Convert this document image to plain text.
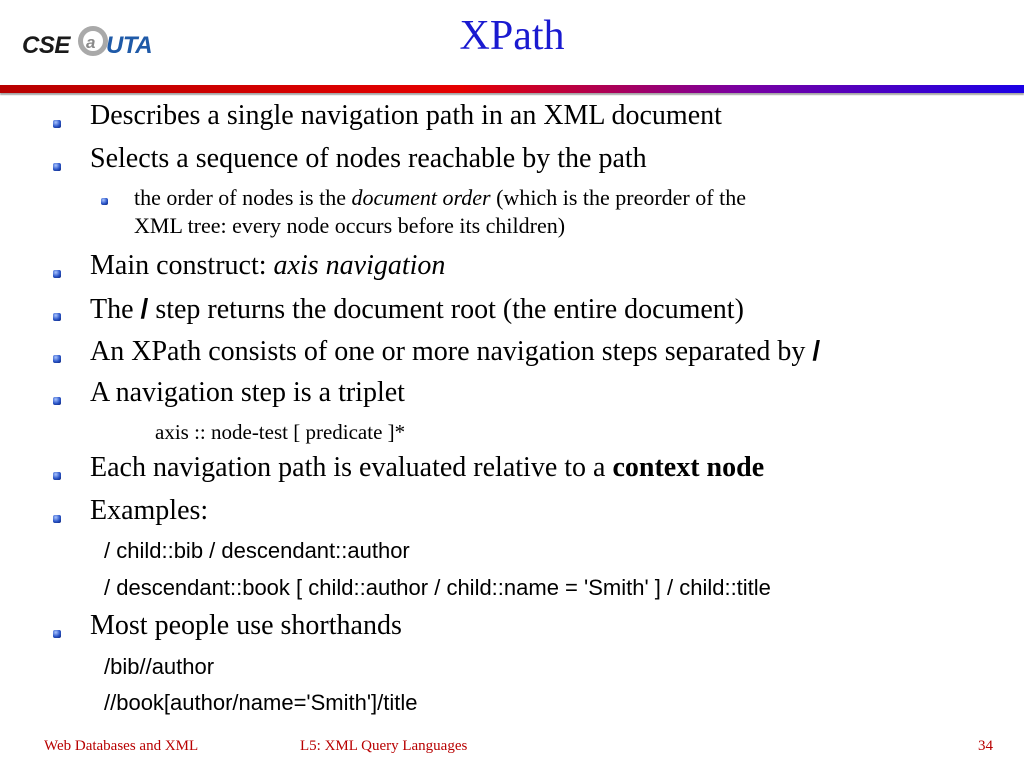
CSE a UTA	XPath
Describes a single navigation path in an XML document
Selects a sequence of nodes reachable by the path
the order of nodes is the document order (which is the preorder of the
XML tree: every node occurs before its children)
Main construct: axis navigation
The / step returns the document root (the entire document)
An XPath consists of one or more navigation steps separated by /
A navigation step is a triplet
axis :: node-test [ predicate ]*
Each navigation path is evaluated relative to a context node
Examples:
/ child::bib / descendant::author
/ descendant::book [ child::author / child::name = 'Smith' ] / child::title
Most people use shorthands
/bib//author
//book[author/name='Smith']/title
Web Databases and XML	L5: XML Query Languages	34
